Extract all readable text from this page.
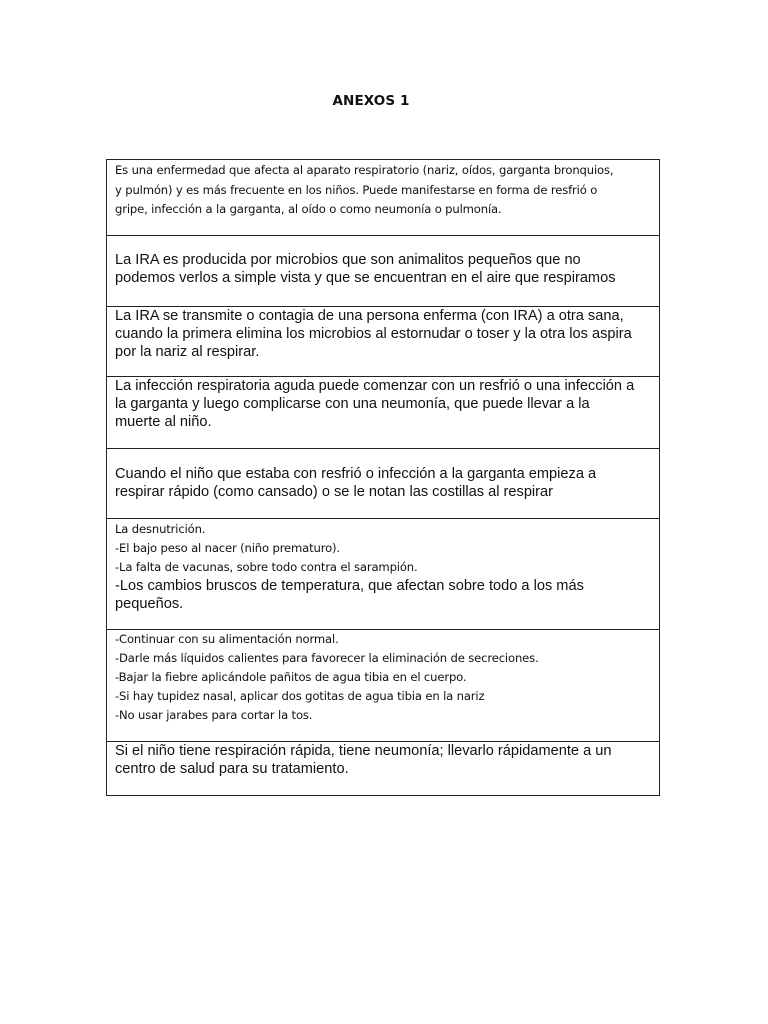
ANEXOS 1
Es una enfermedad que afecta al aparato respiratorio (nariz, oídos, garganta bronquios,
y pulmón) y es más frecuente en los niños. Puede manifestarse en forma de resfrió o
gripe, infección a la garganta, al oído o como neumonía o pulmonía.
La IRA es producida por microbios que son animalitos pequeños que no
podemos verlos a simple vista y que se encuentran en el aire que respiramos
La IRA se transmite o contagia de una persona enferma (con IRA) a otra sana,
cuando la primera elimina los microbios al estornudar o toser y la otra los aspira
por la nariz al respirar.
La infección respiratoria aguda puede comenzar con un resfrió o una infección a
la garganta y luego complicarse con una neumonía, que puede llevar a la
muerte al niño.
Cuando el niño que estaba con resfrió o infección a la garganta empieza a
respirar rápido (como cansado) o se le notan las costillas al respirar
La desnutrición.
-El bajo peso al nacer (niño prematuro).
-La falta de vacunas, sobre todo contra el sarampión.
-Los cambios bruscos de temperatura, que afectan sobre todo a los más
pequeños.
-Continuar con su alimentación normal.
-Darle más líquidos calientes para favorecer la eliminación de secreciones.
-Bajar la fiebre aplicándole pañitos de agua tibia en el cuerpo.
-Si hay tupidez nasal, aplicar dos gotitas de agua tibia en la nariz
-No usar jarabes para cortar la tos.
Si el niño tiene respiración rápida, tiene neumonía; llevarlo rápidamente a un
centro de salud para su tratamiento.
